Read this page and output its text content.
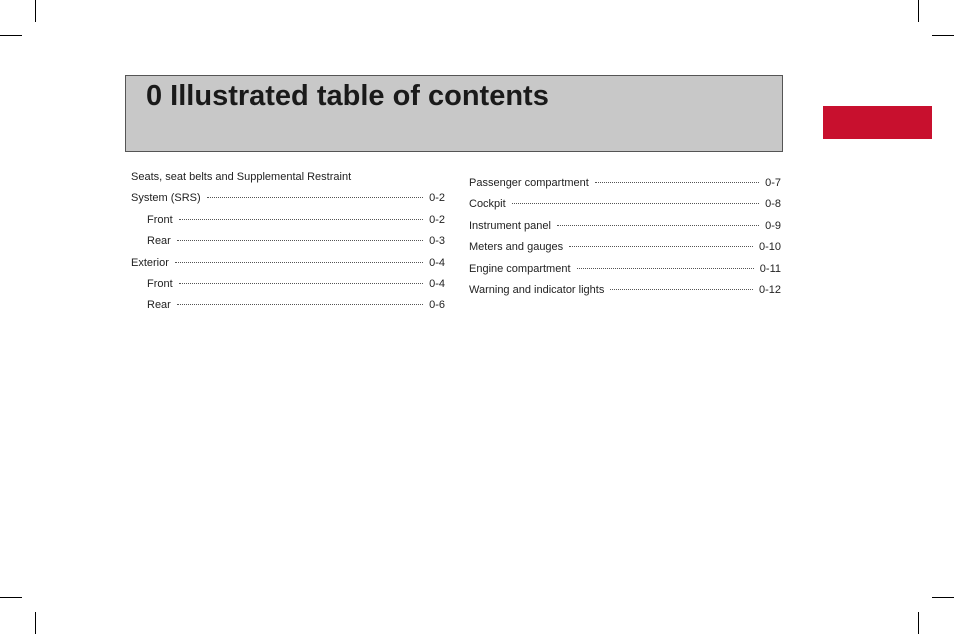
0 Illustrated table of contents
Seats, seat belts and Supplemental Restraint
System (SRS)	0-2
Front	0-2
Rear	0-3
Exterior	0-4
Front	0-4
Rear	0-6
Passenger compartment	0-7
Cockpit	0-8
Instrument panel	0-9
Meters and gauges	0-10
Engine compartment	0-11
Warning and indicator lights	0-12
